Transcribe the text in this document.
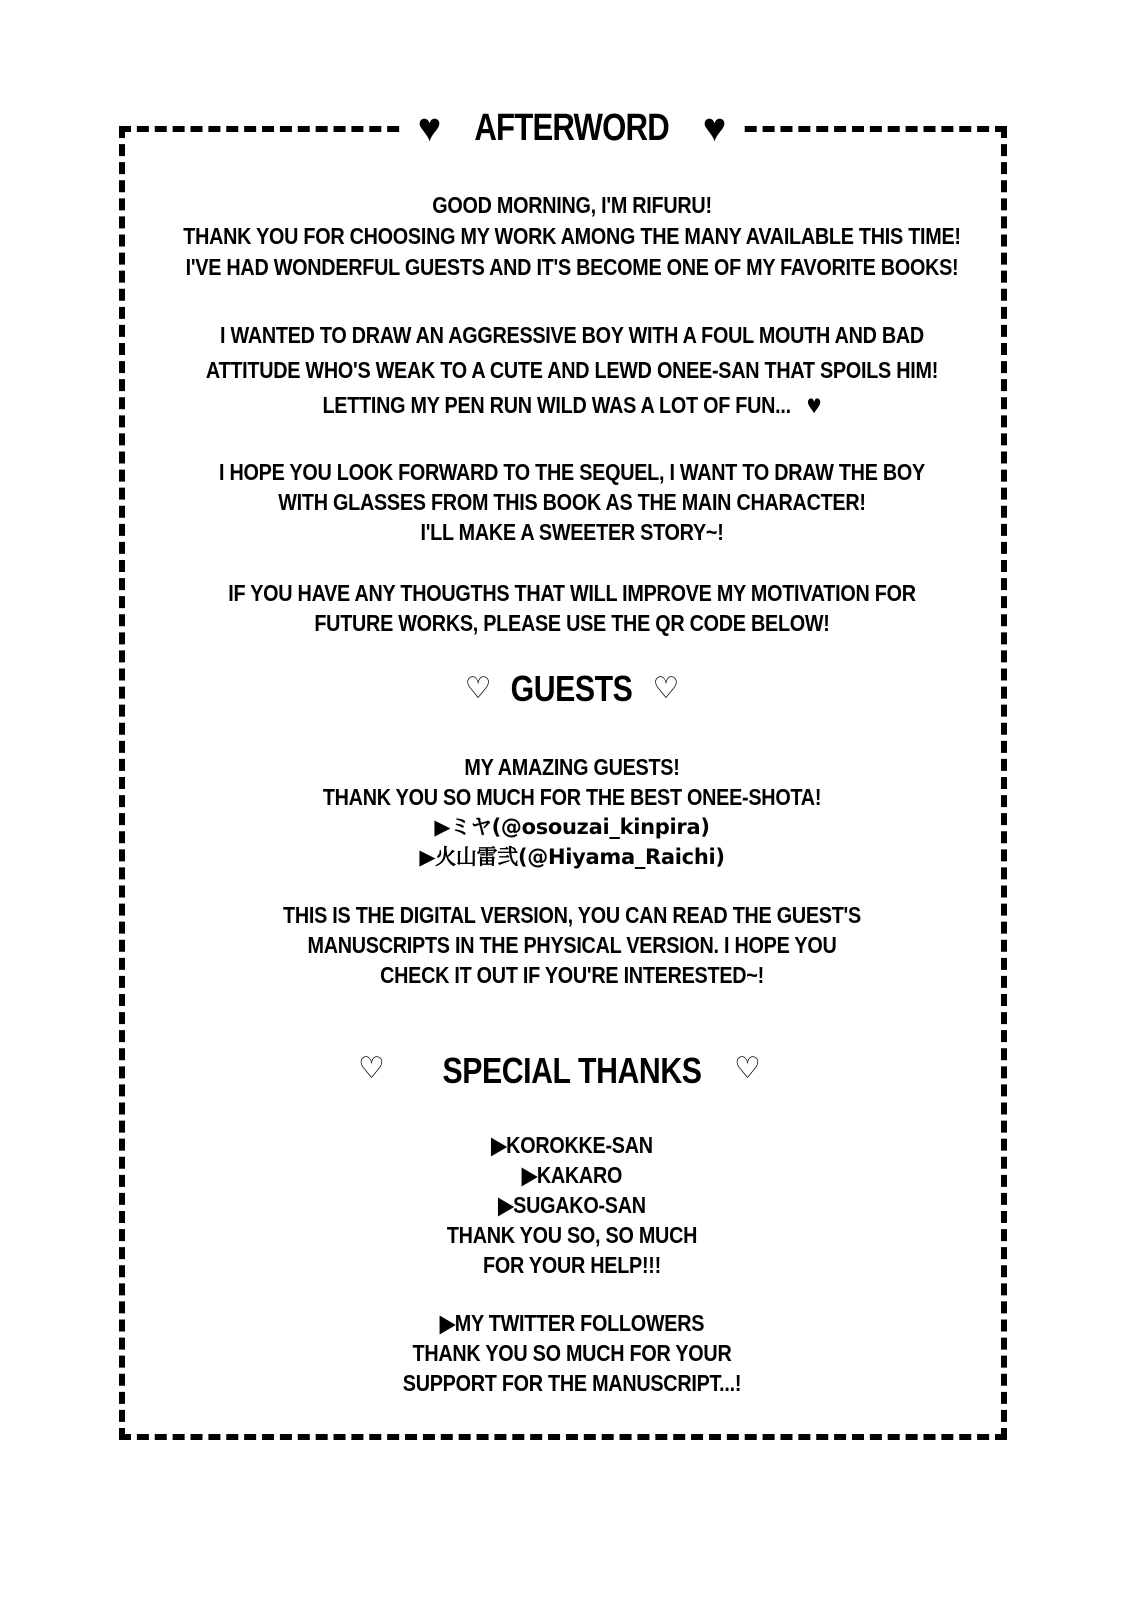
♥ AFTERWORD ♥
GOOD MORNING, I'M RIFURU!
THANK YOU FOR CHOOSING MY WORK AMONG THE MANY AVAILABLE THIS TIME!
I'VE HAD WONDERFUL GUESTS AND IT'S BECOME ONE OF MY FAVORITE BOOKS!
I WANTED TO DRAW AN AGGRESSIVE BOY WITH A FOUL MOUTH AND BAD
ATTITUDE WHO'S WEAK TO A CUTE AND LEWD ONEE-SAN THAT SPOILS HIM!
LETTING MY PEN RUN WILD WAS A LOT OF FUN... ♥
I HOPE YOU LOOK FORWARD TO THE SEQUEL, I WANT TO DRAW THE BOY
WITH GLASSES FROM THIS BOOK AS THE MAIN CHARACTER!
I'LL MAKE A SWEETER STORY~!
IF YOU HAVE ANY THOUGTHS THAT WILL IMPROVE MY MOTIVATION FOR
FUTURE WORKS, PLEASE USE THE QR CODE BELOW!
♡ GUESTS ♡
MY AMAZING GUESTS!
THANK YOU SO MUCH FOR THE BEST ONEE-SHOTA!
▶ミヤ(@osouzai_kinpira)
▶火山雷弐(@Hiyama_Raichi)
THIS IS THE DIGITAL VERSION, YOU CAN READ THE GUEST'S
MANUSCRIPTS IN THE PHYSICAL VERSION. I HOPE YOU
CHECK IT OUT IF YOU'RE INTERESTED~!
♡	SPECIAL THANKS	♡
▶KOROKKE-SAN
▶KAKARO
▶SUGAKO-SAN
THANK YOU SO, SO MUCH
FOR YOUR HELP!!!
▶MY TWITTER FOLLOWERS
THANK YOU SO MUCH FOR YOUR
SUPPORT FOR THE MANUSCRIPT...!
